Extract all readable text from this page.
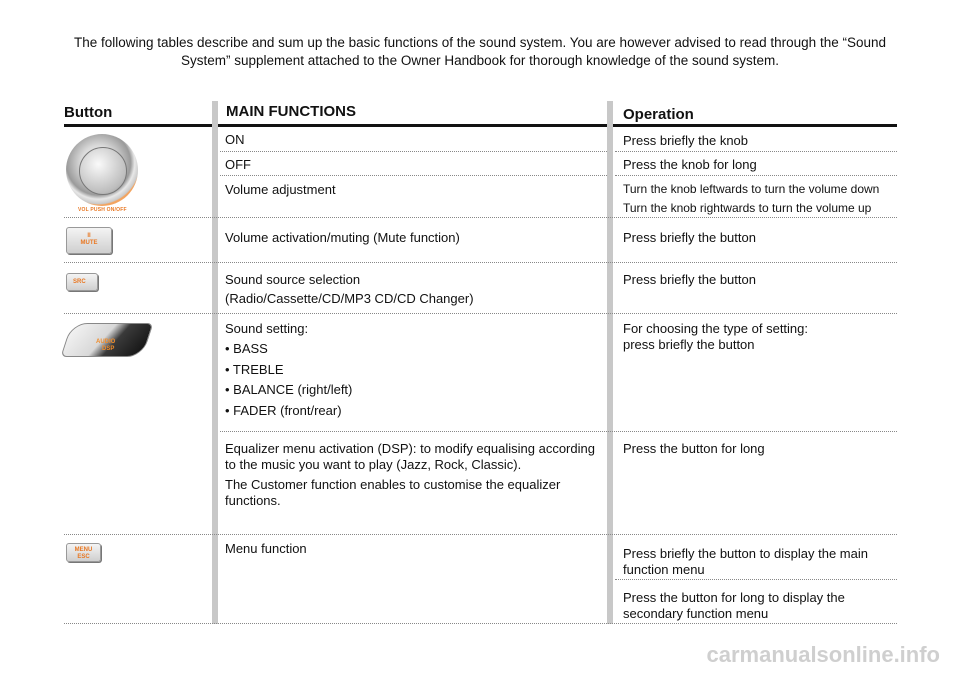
The following tables describe and sum up the basic functions of the sound system. You are however advised to read through the “Sound System” supplement attached to the Owner Handbook for thorough knowledge of the sound system.
Button	MAIN FUNCTIONS	Operation
VOL PUSH ON/OFF
II
MUTE
SRC
AUDIO
DSP
MENU
ESC
ON
OFF
Volume adjustment
Volume activation/muting (Mute function)
Sound source selection
(Radio/Cassette/CD/MP3 CD/CD Changer)
Sound setting:
• BASS
• TREBLE
• BALANCE (right/left)
• FADER (front/rear)
Equalizer menu activation (DSP): to modify equalising according
to the music you want to play (Jazz, Rock, Classic).
The Customer function enables to customise the equalizer
functions.
Menu function
Press briefly the knob
Press the knob for long
Turn the knob leftwards to turn the volume down
Turn the knob rightwards to turn the volume up
Press briefly the button
Press briefly the button
For choosing the type of setting:
press briefly the button
Press the button for long
Press briefly the button to display the main
function menu
Press the button for long to display the
secondary function menu
carmanualsonline.info
